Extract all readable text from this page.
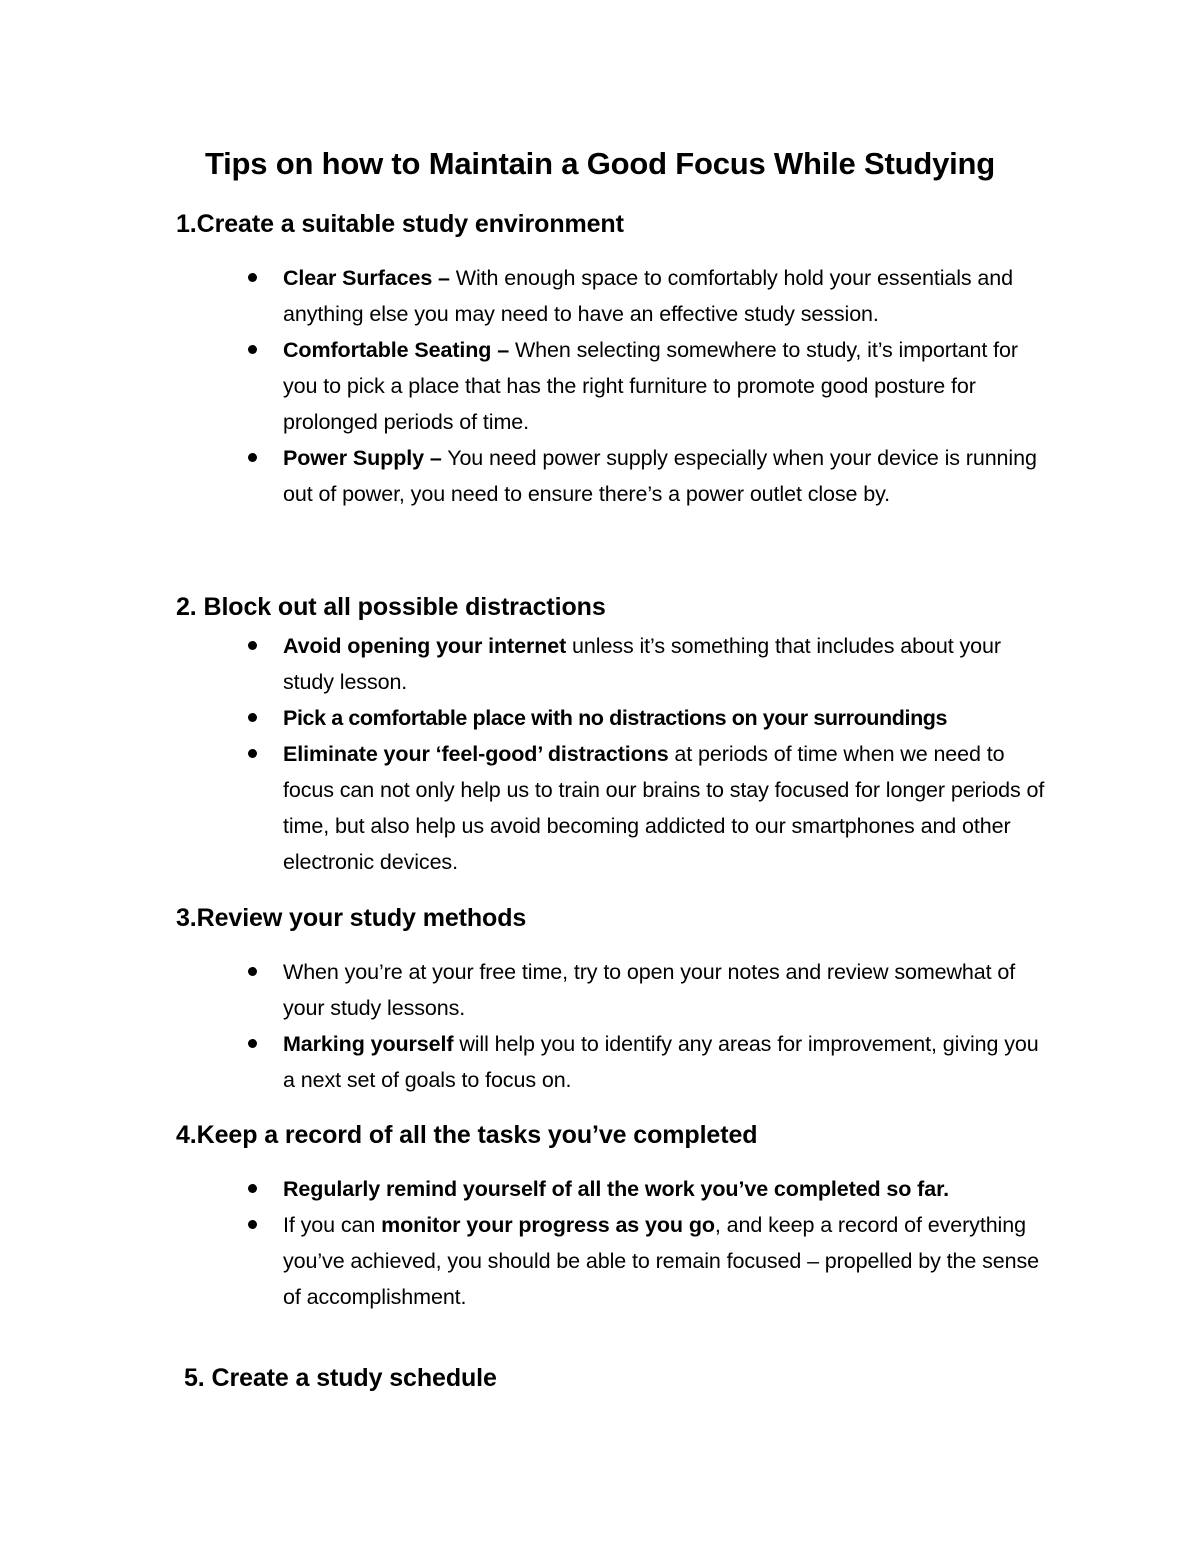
Tips on how to Maintain a Good Focus While Studying
1.Create a suitable study environment
Clear Surfaces – With enough space to comfortably hold your essentials and anything else you may need to have an effective study session.
Comfortable Seating – When selecting somewhere to study, it’s important for you to pick a place that has the right furniture to promote good posture for prolonged periods of time.
Power Supply – You need power supply especially when your device is running out of power, you need to ensure there’s a power outlet close by.
2. Block out all possible distractions
Avoid opening your internet unless it’s something that includes about your study lesson.
Pick a comfortable place with no distractions on your surroundings
Eliminate your ‘feel-good’ distractions at periods of time when we need to focus can not only help us to train our brains to stay focused for longer periods of time, but also help us avoid becoming addicted to our smartphones and other electronic devices.
3.Review your study methods
When you’re at your free time, try to open your notes and review somewhat of your study lessons.
Marking yourself will help you to identify any areas for improvement, giving you a next set of goals to focus on.
4.Keep a record of all the tasks you’ve completed
Regularly remind yourself of all the work you’ve completed so far.
If you can monitor your progress as you go, and keep a record of everything you’ve achieved, you should be able to remain focused – propelled by the sense of accomplishment.
5. Create a study schedule
